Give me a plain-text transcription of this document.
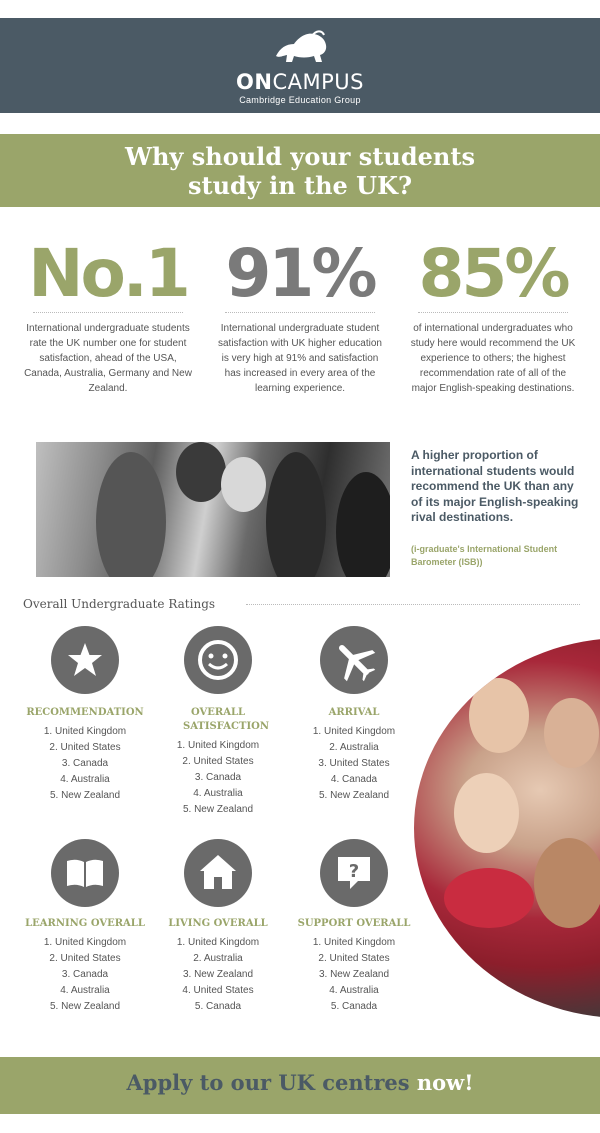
ONCAMPUS
Cambridge Education Group
Why should your students
study in the UK?
No.1
International undergraduate students rate the UK number one for student satisfaction, ahead of the USA, Canada, Australia, Germany and New Zealand.
91%
International undergraduate student satisfaction with UK higher education is very high at 91% and satisfaction has increased in every area of the learning experience.
85%
of international undergraduates who study here would recommend the UK experience to others; the highest recommendation rate of all of the major English-speaking destinations.
A higher proportion of international students would recommend the UK than any of its major English-speaking rival destinations.
(i-graduate's International Student Barometer (ISB))
Overall Undergraduate Ratings
RECOMMENDATION
1. United Kingdom
2. United States
3. Canada
4. Australia
5. New Zealand
OVERALL SATISFACTION
1. United Kingdom
2. United States
3. Canada
4. Australia
5. New Zealand
ARRIVAL
1. United Kingdom
2. Australia
3. United States
4. Canada
5. New Zealand
LEARNING OVERALL
1. United Kingdom
2. United States
3. Canada
4. Australia
5. New Zealand
LIVING OVERALL
1. United Kingdom
2. Australia
3. New Zealand
4. United States
5. Canada
?
SUPPORT OVERALL
1. United Kingdom
2. United States
3. New Zealand
4. Australia
5. Canada
Apply to our UK centres now!
